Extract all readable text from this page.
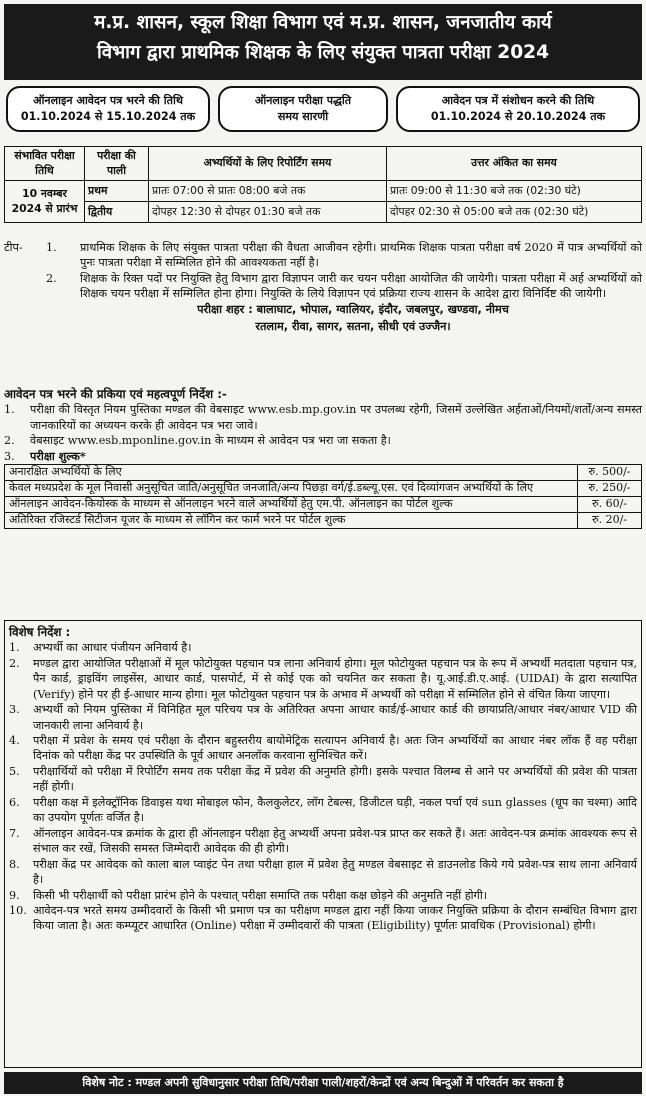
म.प्र. शासन, स्कूल शिक्षा विभाग एवं म.प्र. शासन, जनजातीय कार्य
विभाग द्वारा प्राथमिक शिक्षक के लिए संयुक्त पात्रता परीक्षा 2024
ऑनलाइन आवेदन पत्र भरने की तिथि
01.10.2024 से 15.10.2024 तक
ऑनलाइन परीक्षा पद्धति
समय सारणी
आवेदन पत्र में संशोधन करने की तिथि
01.10.2024 से 20.10.2024 तक
संभावित परीक्षा तिथि	परीक्षा की पाली	अभ्यर्थियों के लिए रिपोर्टिंग समय	उत्तर अंकित का समय
10 नवम्बर 2024 से प्रारंभ	प्रथम	प्रातः 07:00 से प्रातः 08:00 बजे तक	प्रातः 09:00 से 11:30 बजे तक (02:30 घंटे)
	द्वितीय	दोपहर 12:30 से दोपहर 01:30 बजे तक	दोपहर 02:30 से 05:00 बजे तक (02:30 घंटे)
टीप-	1.	प्राथमिक शिक्षक के लिए संयुक्त पात्रता परीक्षा की वैधता आजीवन रहेगी। प्राथमिक शिक्षक पात्रता परीक्षा वर्ष 2020 में पात्र अभ्यर्थियों को पुनः पात्रता परीक्षा में सम्मिलित होने की आवश्यकता नहीं है।
2.	शिक्षक के रिक्त पदों पर नियुक्ति हेतु विभाग द्वारा विज्ञापन जारी कर चयन परीक्षा आयोजित की जायेगी। पात्रता परीक्षा में अर्ह अभ्यर्थियों को शिक्षक चयन परीक्षा में सम्मिलित होना होगा। नियुक्ति के लिये विज्ञापन एवं प्रक्रिया राज्य शासन के आदेश द्वारा विनिर्दिष्ट की जायेगी।
परीक्षा शहर : बालाघाट, भोपाल, ग्वालियर, इंदौर, जबलपुर, खण्डवा, नीमच
रतलाम, रीवा, सागर, सतना, सीधी एवं उज्जैन।
आवेदन पत्र भरने की प्रकिया एवं महत्वपूर्ण निर्देश :-
1.	परीक्षा की विस्तृत नियम पुस्तिका मण्डल की वेबसाइट www.esb.mp.gov.in पर उपलब्ध रहेगी, जिसमें उल्लेखित अर्हताओं/नियमों/शर्तों/अन्य समस्त जानकारियों का अध्ययन करके ही आवेदन पत्र भरा जावे।
2.	वेबसाइट www.esb.mponline.gov.in के माध्यम से आवेदन पत्र भरा जा सकता है।
3.	परीक्षा शुल्क*
अनारक्षित अभ्यर्थियों के लिए	रु. 500/-
केवल मध्यप्रदेश के मूल निवासी अनुसूचित जाति/अनुसूचित जनजाति/अन्य पिछड़ा वर्ग/ई.डब्ल्यू.एस. एवं दिव्यांगजन अभ्यर्थियों के लिए	रु. 250/-
ऑनलाइन आवेदन-कियोस्क के माध्यम से ऑनलाइन भरने वाले अभ्यर्थियों हेतु एम.पी. ऑनलाइन का पोर्टल शुल्क	रु. 60/-
अतिरिक्त रजिस्टर्ड सिटीजन यूजर के माध्यम से लॉगिन कर फार्म भरने पर पोर्टल शुल्क	रु. 20/-
विशेष निर्देश :
1.	अभ्यर्थी का आधार पंजीयन अनिवार्य है।
2.	मण्डल द्वारा आयोजित परीक्षाओं में मूल फोटोयुक्त पहचान पत्र लाना अनिवार्य होगा। मूल फोटोयुक्त पहचान पत्र के रूप में अभ्यर्थी मतदाता पहचान पत्र, पैन कार्ड, ड्राइविंग लाइसेंस, आधार कार्ड, पासपोर्ट, में से कोई एक को चयनित कर सकता है। यू.आई.डी.ए.आई. (UIDAI) के द्वारा सत्यापित (Verify) होने पर ही ई-आधार मान्य होगा। मूल फोटोयुक्त पहचान पत्र के अभाव में अभ्यर्थी को परीक्षा में सम्मिलित होने से वंचित किया जाएगा।
3.	अभ्यर्थी को नियम पुस्तिका में विनिहित मूल परिचय पत्र के अतिरिक्त अपना आधार कार्ड/ई-आधार कार्ड की छायाप्रति/आधार नंबर/आधार VID की जानकारी लाना अनिवार्य है।
4.	परीक्षा में प्रवेश के समय एवं परीक्षा के दौरान बहुस्तरीय बायोमेट्रिक सत्यापन अनिवार्य है। अतः जिन अभ्यर्थियों का आधार नंबर लॉक हैं वह परीक्षा दिनांक को परीक्षा केंद्र पर उपस्थिति के पूर्व आधार अनलॉक करवाना सुनिश्चित करें।
5.	परीक्षार्थियों को परीक्षा में रिपोर्टिंग समय तक परीक्षा केंद्र में प्रवेश की अनुमति होगी। इसके पश्चात विलम्ब से आने पर अभ्यर्थियों की प्रवेश की पात्रता नहीं होगी।
6.	परीक्षा कक्ष में इलेक्ट्रॉनिक डिवाइस यथा मोबाइल फोन, कैलकुलेटर, लॉग टेबल्स, डिजीटल घड़ी, नकल पर्चा एवं sun glasses (धूप का चश्मा) आदि का उपयोग पूर्णतः वर्जित है।
7.	ऑनलाइन आवेदन-पत्र क्रमांक के द्वारा ही ऑनलाइन परीक्षा हेतु अभ्यर्थी अपना प्रवेश-पत्र प्राप्त कर सकते हैं। अतः आवेदन-पत्र क्रमांक आवश्यक रूप से संभाल कर रखें, जिसकी समस्त जिम्मेदारी आवेदक की ही होगी।
8.	परीक्षा केंद्र पर आवेदक को काला बाल प्वाइंट पेन तथा परीक्षा हाल में प्रवेश हेतु मण्डल वेबसाइट से डाउनलोड किये गये प्रवेश-पत्र साथ लाना अनिवार्य है।
9.	किसी भी परीक्षार्थी को परीक्षा प्रारंभ होने के पश्चात् परीक्षा समाप्ति तक परीक्षा कक्ष छोड़ने की अनुमति नहीं होगी।
10. आवेदन-पत्र भरते समय उम्मीदवारों के किसी भी प्रमाण पत्र का परीक्षण मण्डल द्वारा नहीं किया जाकर नियुक्ति प्रक्रिया के दौरान सम्बंधित विभाग द्वारा किया जाता है। अतः कम्प्यूटर आधारित (Online) परीक्षा में उम्मीदवारों की पात्रता (Eligibility) पूर्णतः प्रावधिक (Provisional) होगी।
विशेष नोट : मण्डल अपनी सुविधानुसार परीक्षा तिथि/परीक्षा पाली/शहरों/केन्द्रों एवं अन्य बिन्दुओं में परिवर्तन कर सकता है
